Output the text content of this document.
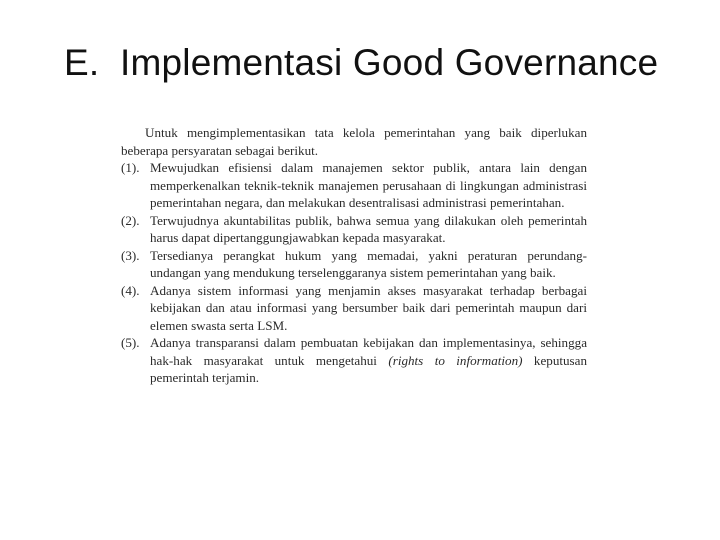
E. Implementasi Good Governance

Untuk mengimplementasikan tata kelola pemerintahan yang baik diperlukan beberapa persyaratan sebagai berikut.

(1). Mewujudkan efisiensi dalam manajemen sektor publik, antara lain dengan memperkenalkan teknik-teknik manajemen perusahaan di lingkungan administrasi pemerintahan negara, dan melakukan desentralisasi administrasi pemerintahan.

(2). Terwujudnya akuntabilitas publik, bahwa semua yang dilakukan oleh pemerintah harus dapat dipertanggungjawabkan kepada masyarakat.

(3). Tersedianya perangkat hukum yang memadai, yakni peraturan perundang-undangan yang mendukung terselenggaranya sistem pemerintahan yang baik.

(4). Adanya sistem informasi yang menjamin akses masyarakat terhadap berbagai kebijakan dan atau informasi yang bersumber baik dari pemerintah maupun dari elemen swasta serta LSM.

(5). Adanya transparansi dalam pembuatan kebijakan dan implementasinya, sehingga hak-hak masyarakat untuk mengetahui (rights to information) keputusan pemerintah terjamin.
